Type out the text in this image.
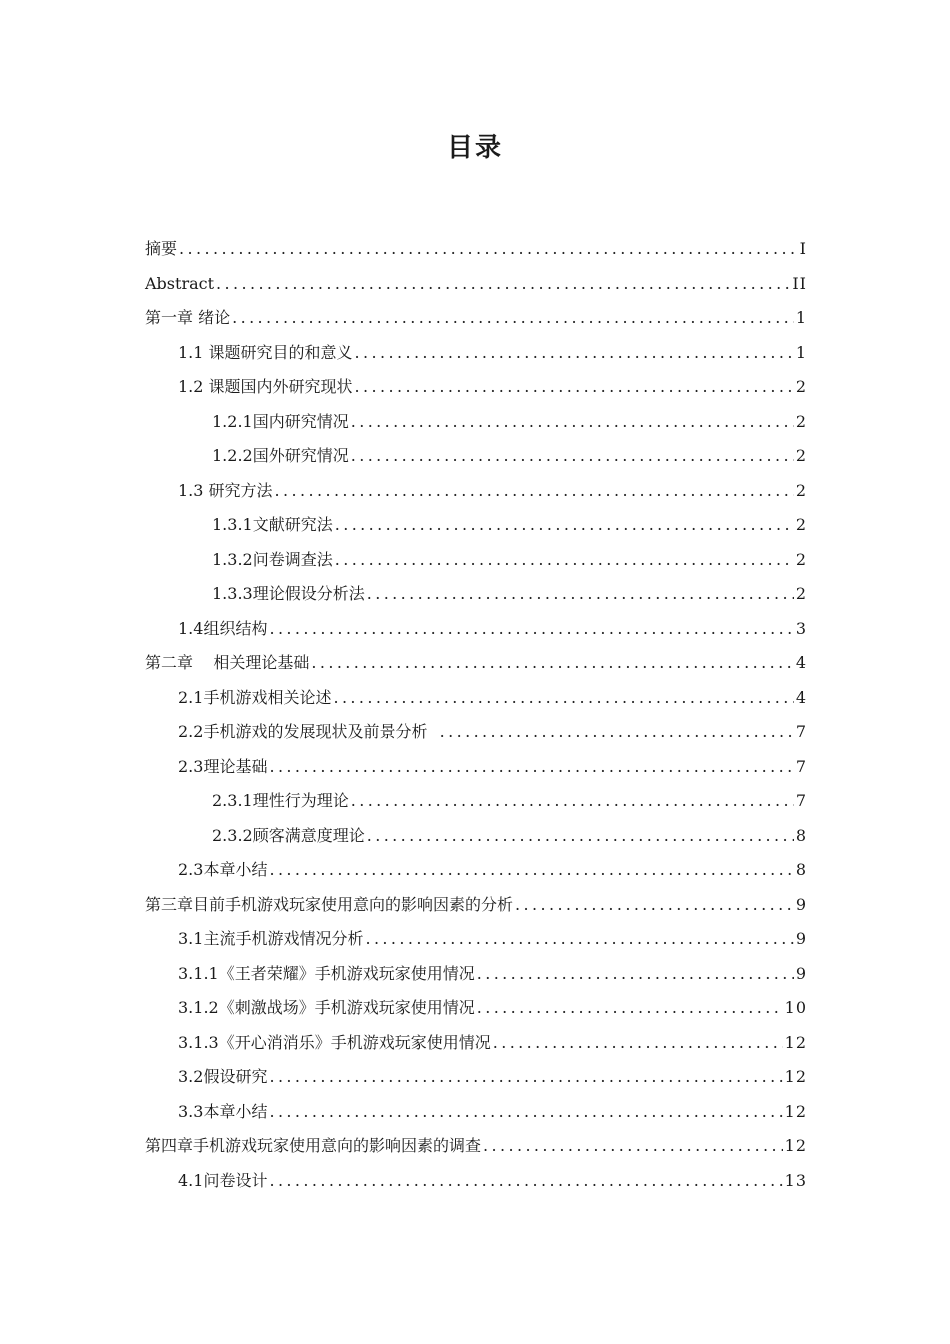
目录
摘要 .....	I
Abstract .....	II
第一章 绪论 .....	1
1.1 课题研究目的和意义 .....	1
1.2 课题国内外研究现状 .....	2
1.2.1国内研究情况 .....	2
1.2.2国外研究情况 .....	2
1.3 研究方法 .....	2
1.3.1文献研究法 .....	2
1.3.2问卷调查法 .....	2
1.3.3理论假设分析法 .....	2
1.4组织结构 .....	3
第二章    相关理论基础 .....	4
2.1手机游戏相关论述 .....	4
2.2手机游戏的发展现状及前景分析 .....	7
2.3理论基础 .....	7
2.3.1理性行为理论 .....	7
2.3.2顾客满意度理论 .....	8
2.3本章小结 .....	8
第三章目前手机游戏玩家使用意向的影响因素的分析 .....	9
3.1主流手机游戏情况分析 .....	9
3.1.1《王者荣耀》手机游戏玩家使用情况 .....	9
3.1.2《刺激战场》手机游戏玩家使用情况 .....	10
3.1.3《开心消消乐》手机游戏玩家使用情况 .....	12
3.2假设研究 .....	12
3.3本章小结 .....	12
第四章手机游戏玩家使用意向的影响因素的调查 .....	12
4.1问卷设计 .....	13
